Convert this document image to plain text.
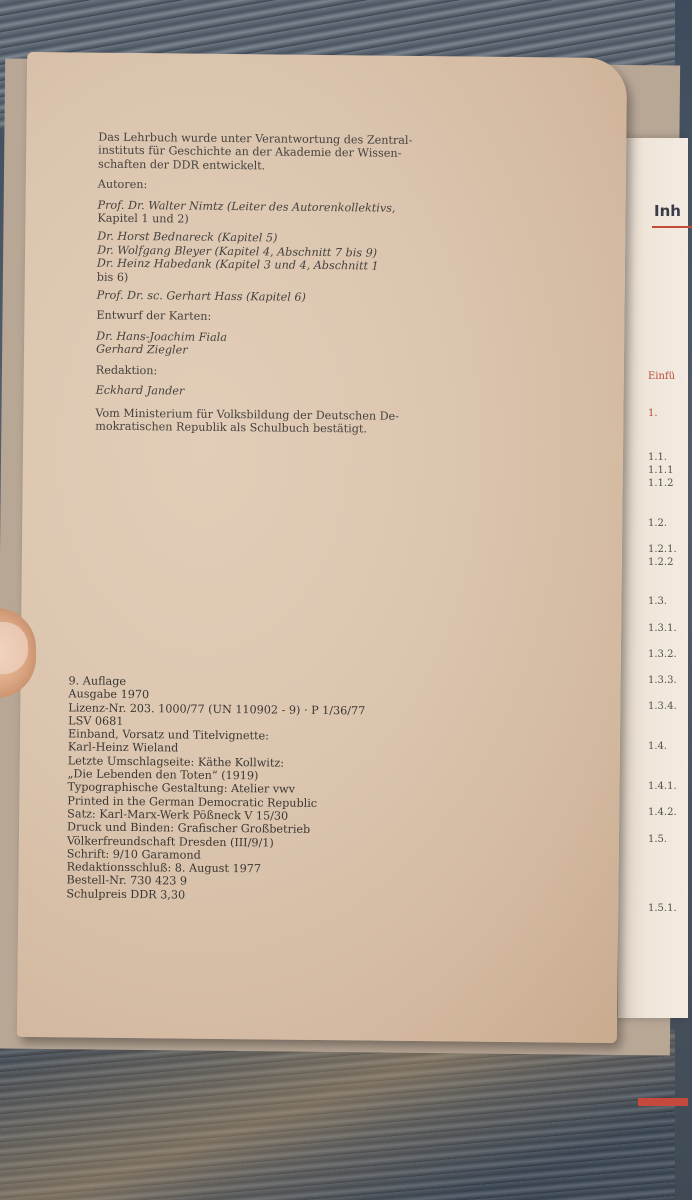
Inh
Einfü
1.
1.1.
1.1.1
1.1.2
1.2.
1.2.1.
1.2.2
1.3.
1.3.1.
1.3.2.
1.3.3.
1.3.4.
1.4.
1.4.1.
1.4.2.
1.5.
1.5.1.
Das Lehrbuch wurde unter Verantwortung des Zentral-
instituts für Geschichte an der Akademie der Wissen-
schaften der DDR entwickelt.
Autoren:
Prof. Dr. Walter Nimtz (Leiter des Autorenkollektivs,
Kapitel 1 und 2)
Dr. Horst Bednareck (Kapitel 5)
Dr. Wolfgang Bleyer (Kapitel 4, Abschnitt 7 bis 9)
Dr. Heinz Habedank (Kapitel 3 und 4, Abschnitt 1
bis 6)
Prof. Dr. sc. Gerhart Hass (Kapitel 6)
Entwurf der Karten:
Dr. Hans-Joachim Fiala
Gerhard Ziegler
Redaktion:
Eckhard Jander
Vom Ministerium für Volksbildung der Deutschen De-
mokratischen Republik als Schulbuch bestätigt.
9. Auflage
Ausgabe 1970
Lizenz-Nr. 203. 1000/77 (UN 110902 - 9) · P 1/36/77
LSV 0681
Einband, Vorsatz und Titelvignette:
Karl-Heinz Wieland
Letzte Umschlagseite: Käthe Kollwitz:
„Die Lebenden den Toten“ (1919)
Typographische Gestaltung: Atelier vwv
Printed in the German Democratic Republic
Satz: Karl-Marx-Werk Pößneck V 15/30
Druck und Binden: Grafischer Großbetrieb
Völkerfreundschaft Dresden (III/9/1)
Schrift: 9/10 Garamond
Redaktionsschluß: 8. August 1977
Bestell-Nr. 730 423 9
Schulpreis DDR 3,30
